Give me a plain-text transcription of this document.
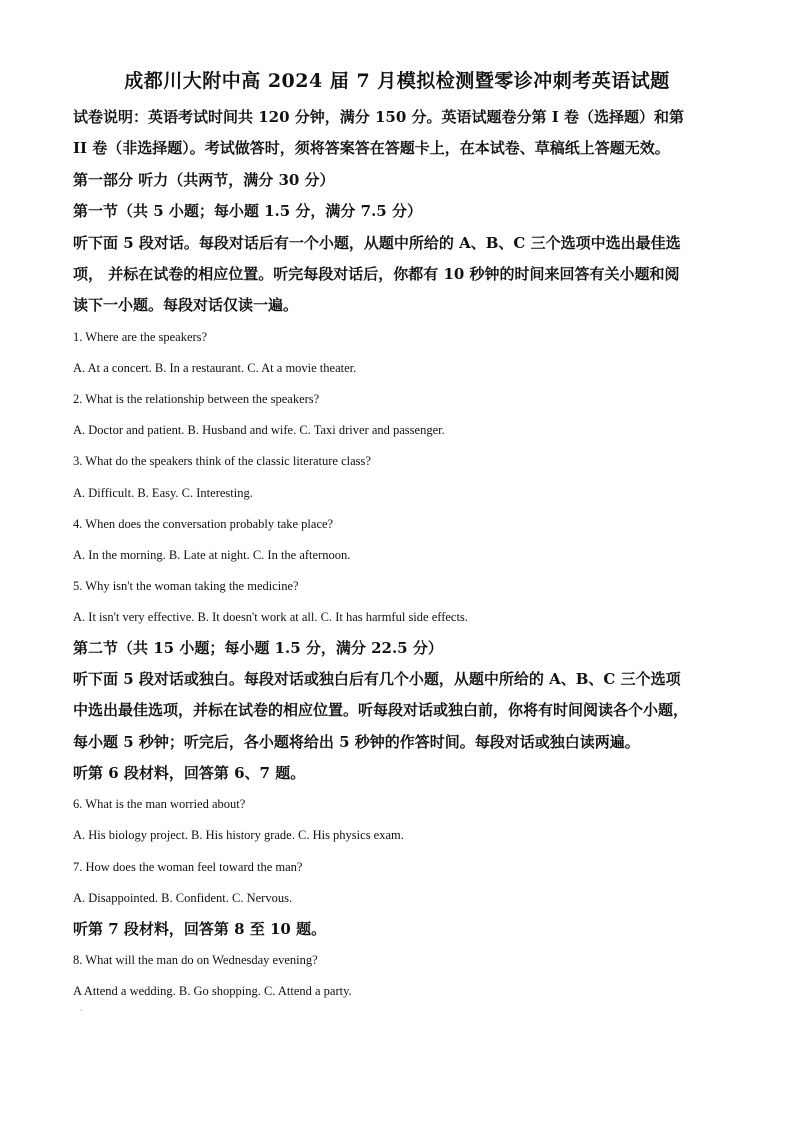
成都川大附中高 2024 届 7 月模拟检测暨零诊冲刺考英语试题
试卷说明：英语考试时间共 120 分钟，满分 150 分。英语试题卷分第 I 卷（选择题）和第
II 卷（非选择题）。考试做答时，须将答案答在答题卡上，在本试卷、草稿纸上答题无效。
第一部分 听力（共两节，满分 30 分）
第一节（共 5 小题；每小题 1.5 分，满分 7.5 分）
听下面 5 段对话。每段对话后有一个小题，从题中所给的 A、B、C 三个选项中选出最佳选
项， 并标在试卷的相应位置。听完每段对话后，你都有 10 秒钟的时间来回答有关小题和阅
读下一小题。每段对话仅读一遍。
1. Where are the speakers?
A. At a concert. B. In a restaurant. C. At a movie theater.
2. What is the relationship between the speakers?
A. Doctor and patient. B. Husband and wife. C. Taxi driver and passenger.
3. What do the speakers think of the classic literature class?
A. Difficult. B. Easy. C. Interesting.
4. When does the conversation probably take place?
A. In the morning. B. Late at night. C. In the afternoon.
5. Why isn't the woman taking the medicine?
A. It isn't very effective. B. It doesn't work at all. C. It has harmful side effects.
第二节（共 15 小题；每小题 1.5 分，满分 22.5 分）
听下面 5 段对话或独白。每段对话或独白后有几个小题，从题中所给的 A、B、C 三个选项
中选出最佳选项，并标在试卷的相应位置。听每段对话或独白前，你将有时间阅读各个小题，
每小题 5 秒钟；听完后，各小题将给出 5 秒钟的作答时间。每段对话或独白读两遍。
听第 6 段材料，回答第 6、7 题。
6. What is the man worried about?
A. His biology project. B. His history grade. C. His physics exam.
7. How does the woman feel toward the man?
A. Disappointed. B. Confident. C. Nervous.
听第 7 段材料，回答第 8 至 10 题。
8. What will the man do on Wednesday evening?
A Attend a wedding. B. Go shopping. C. Attend a party.
·
